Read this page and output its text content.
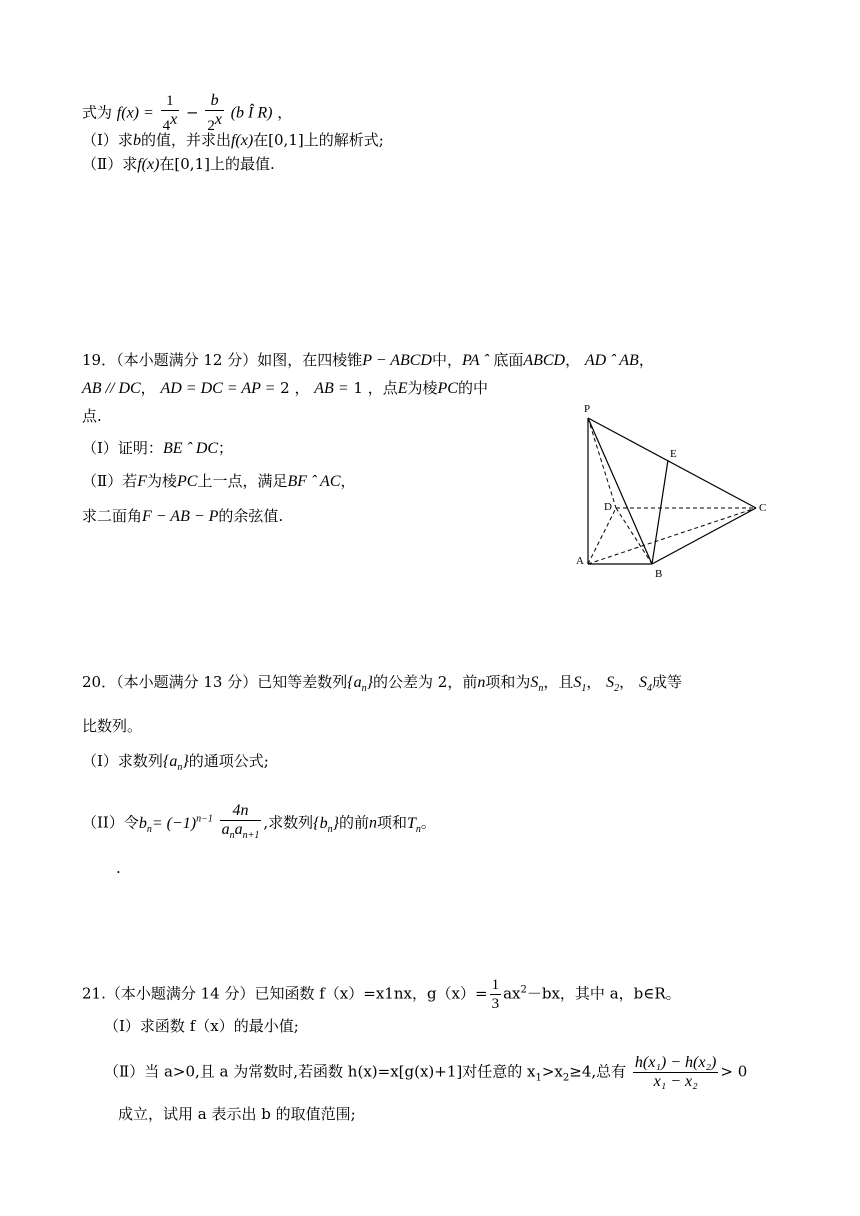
式为 $f(x) = \frac{1}{4^x} - \frac{b}{2^x} (b$ Î R) ，
（Ⅰ）求b的值，并求出f(x)在[0,1]上的解析式;
（Ⅱ）求f(x)在[0,1]上的最值.
19．（本小题满分 12 分）如图，在四棱锥P − ABCD中，PA ˆ 底面ABCD， AD ˆ AB，
AB // DC， AD = DC = AP = 2 ， AB = 1 ，点E为棱PC的中
点.
（Ⅰ）证明：BE ˆ DC；
（Ⅱ）若F为棱PC上一点，满足BF ˆ AC，
求二面角F − AB − P的余弦值.
P
E
D	C
A
B
20．（本小题满分 13 分）已知等差数列$\{a_n\}$的公差为 2，前n项和为$S_n$，且$S_1$， $S_2$， $S_4$成等
比数列。
（I）求数列$\{a_n\}$的通项公式;
（II）令$b_n= (-1)^{n-1} \frac{4n}{a_na_{n+1}}$ ,求数列$\{b_n\}$的前n项和$T_n$。
.
21.（本小题满分 14 分）已知函数 f（x）=x1nx，$g(x)= \frac{1}{3} ax^2-bx$，其中 a，b∈R。
（I）求函数 f（x）的最小值;
（Ⅱ）当 a>0,且 a 为常数时,若函数 h(x)=x[g(x)+1]对任意的 $x_1>x_2\ge 4$,总有 $\frac{\text{h(x₁) − h(x₂)}}{\text{x₁ − x₂}} > 0$
成立，试用 a 表示出 b 的取值范围;
